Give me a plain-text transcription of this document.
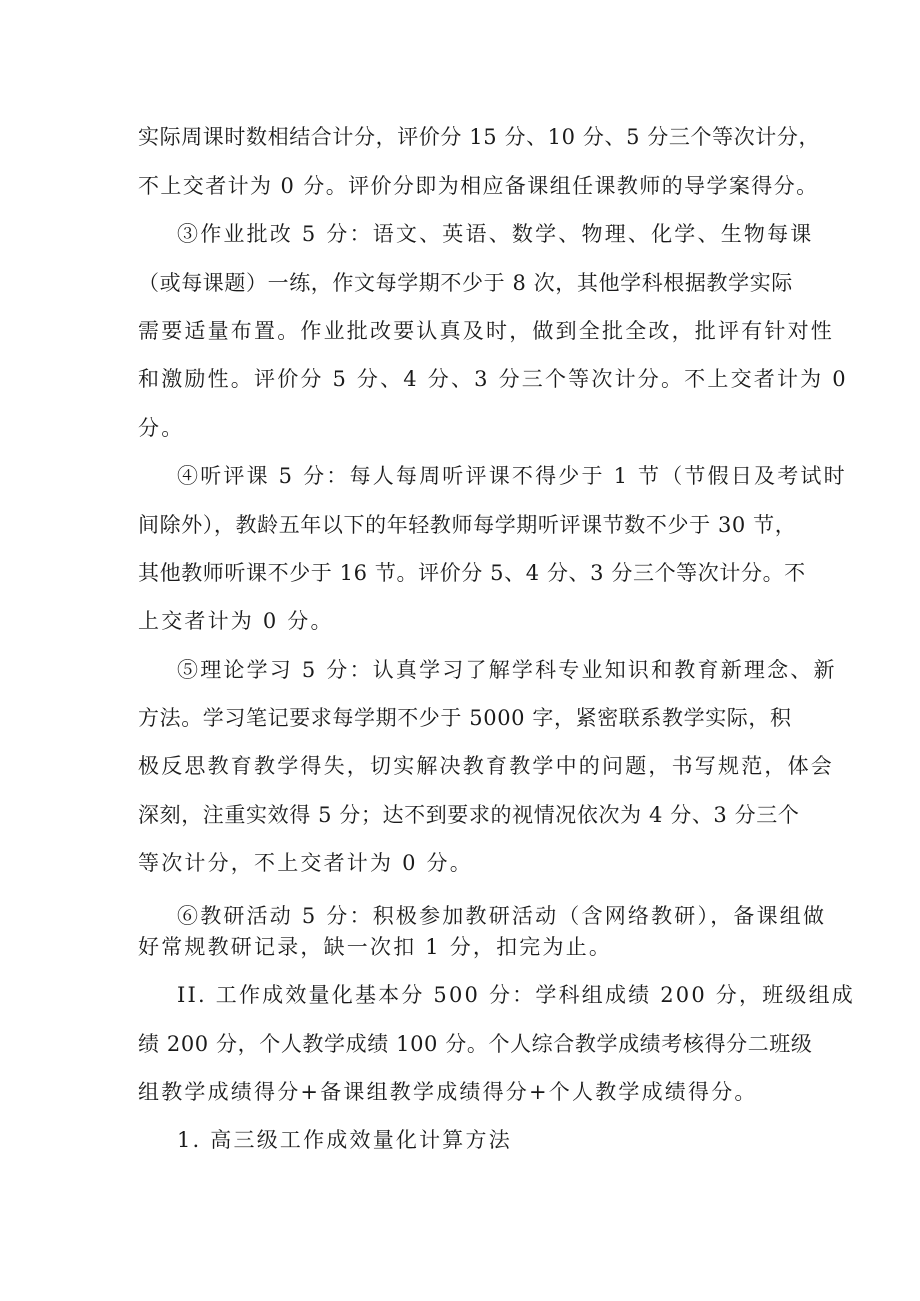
实际周课时数相结合计分，评价分 15 分、10 分、5 分三个等次计分，
不上交者计为 0 分。评价分即为相应备课组任课教师的导学案得分。
③作业批改 5 分：语文、英语、数学、物理、化学、生物每课
（或每课题）一练，作文每学期不少于 8 次，其他学科根据教学实际
需要适量布置。作业批改要认真及时，做到全批全改，批评有针对性
和激励性。评价分 5 分、4 分、3 分三个等次计分。不上交者计为 0
分。
④听评课 5 分：每人每周听评课不得少于 1 节（节假日及考试时
间除外），教龄五年以下的年轻教师每学期听评课节数不少于 30 节，
其他教师听课不少于 16 节。评价分 5、4 分、3 分三个等次计分。不
上交者计为 0 分。
⑤理论学习 5 分：认真学习了解学科专业知识和教育新理念、新
方法。学习笔记要求每学期不少于 5000 字，紧密联系教学实际，积
极反思教育教学得失，切实解决教育教学中的问题，书写规范，体会
深刻，注重实效得 5 分；达不到要求的视情况依次为 4 分、3 分三个
等次计分，不上交者计为 0 分。
⑥教研活动 5 分：积极参加教研活动（含网络教研），备课组做
好常规教研记录，缺一次扣 1 分，扣完为止。
II. 工作成效量化基本分 500 分：学科组成绩 200 分，班级组成
绩 200 分，个人教学成绩 100 分。个人综合教学成绩考核得分二班级
组教学成绩得分+备课组教学成绩得分+个人教学成绩得分。
1. 高三级工作成效量化计算方法
